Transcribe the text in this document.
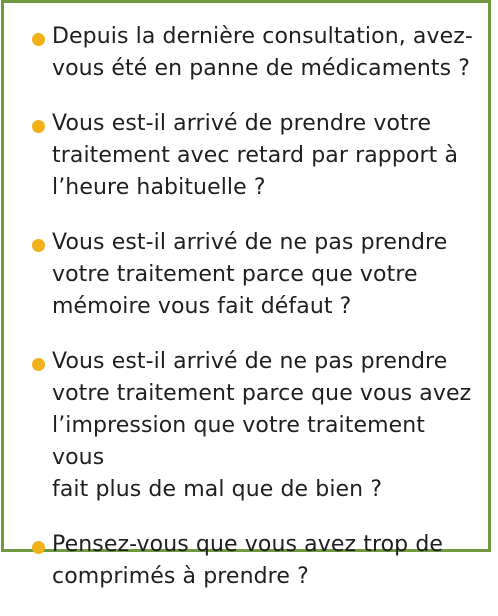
Depuis la dernière consultation, avez-
vous été en panne de médicaments ?
Vous est-il arrivé de prendre votre
traitement avec retard par rapport à
l’heure habituelle ?
Vous est-il arrivé de ne pas prendre
votre traitement parce que votre
mémoire vous fait défaut ?
Vous est-il arrivé de ne pas prendre
votre traitement parce que vous avez
l’impression que votre traitement vous
fait plus de mal que de bien ?
Pensez-vous que vous avez trop de
comprimés à prendre ?
